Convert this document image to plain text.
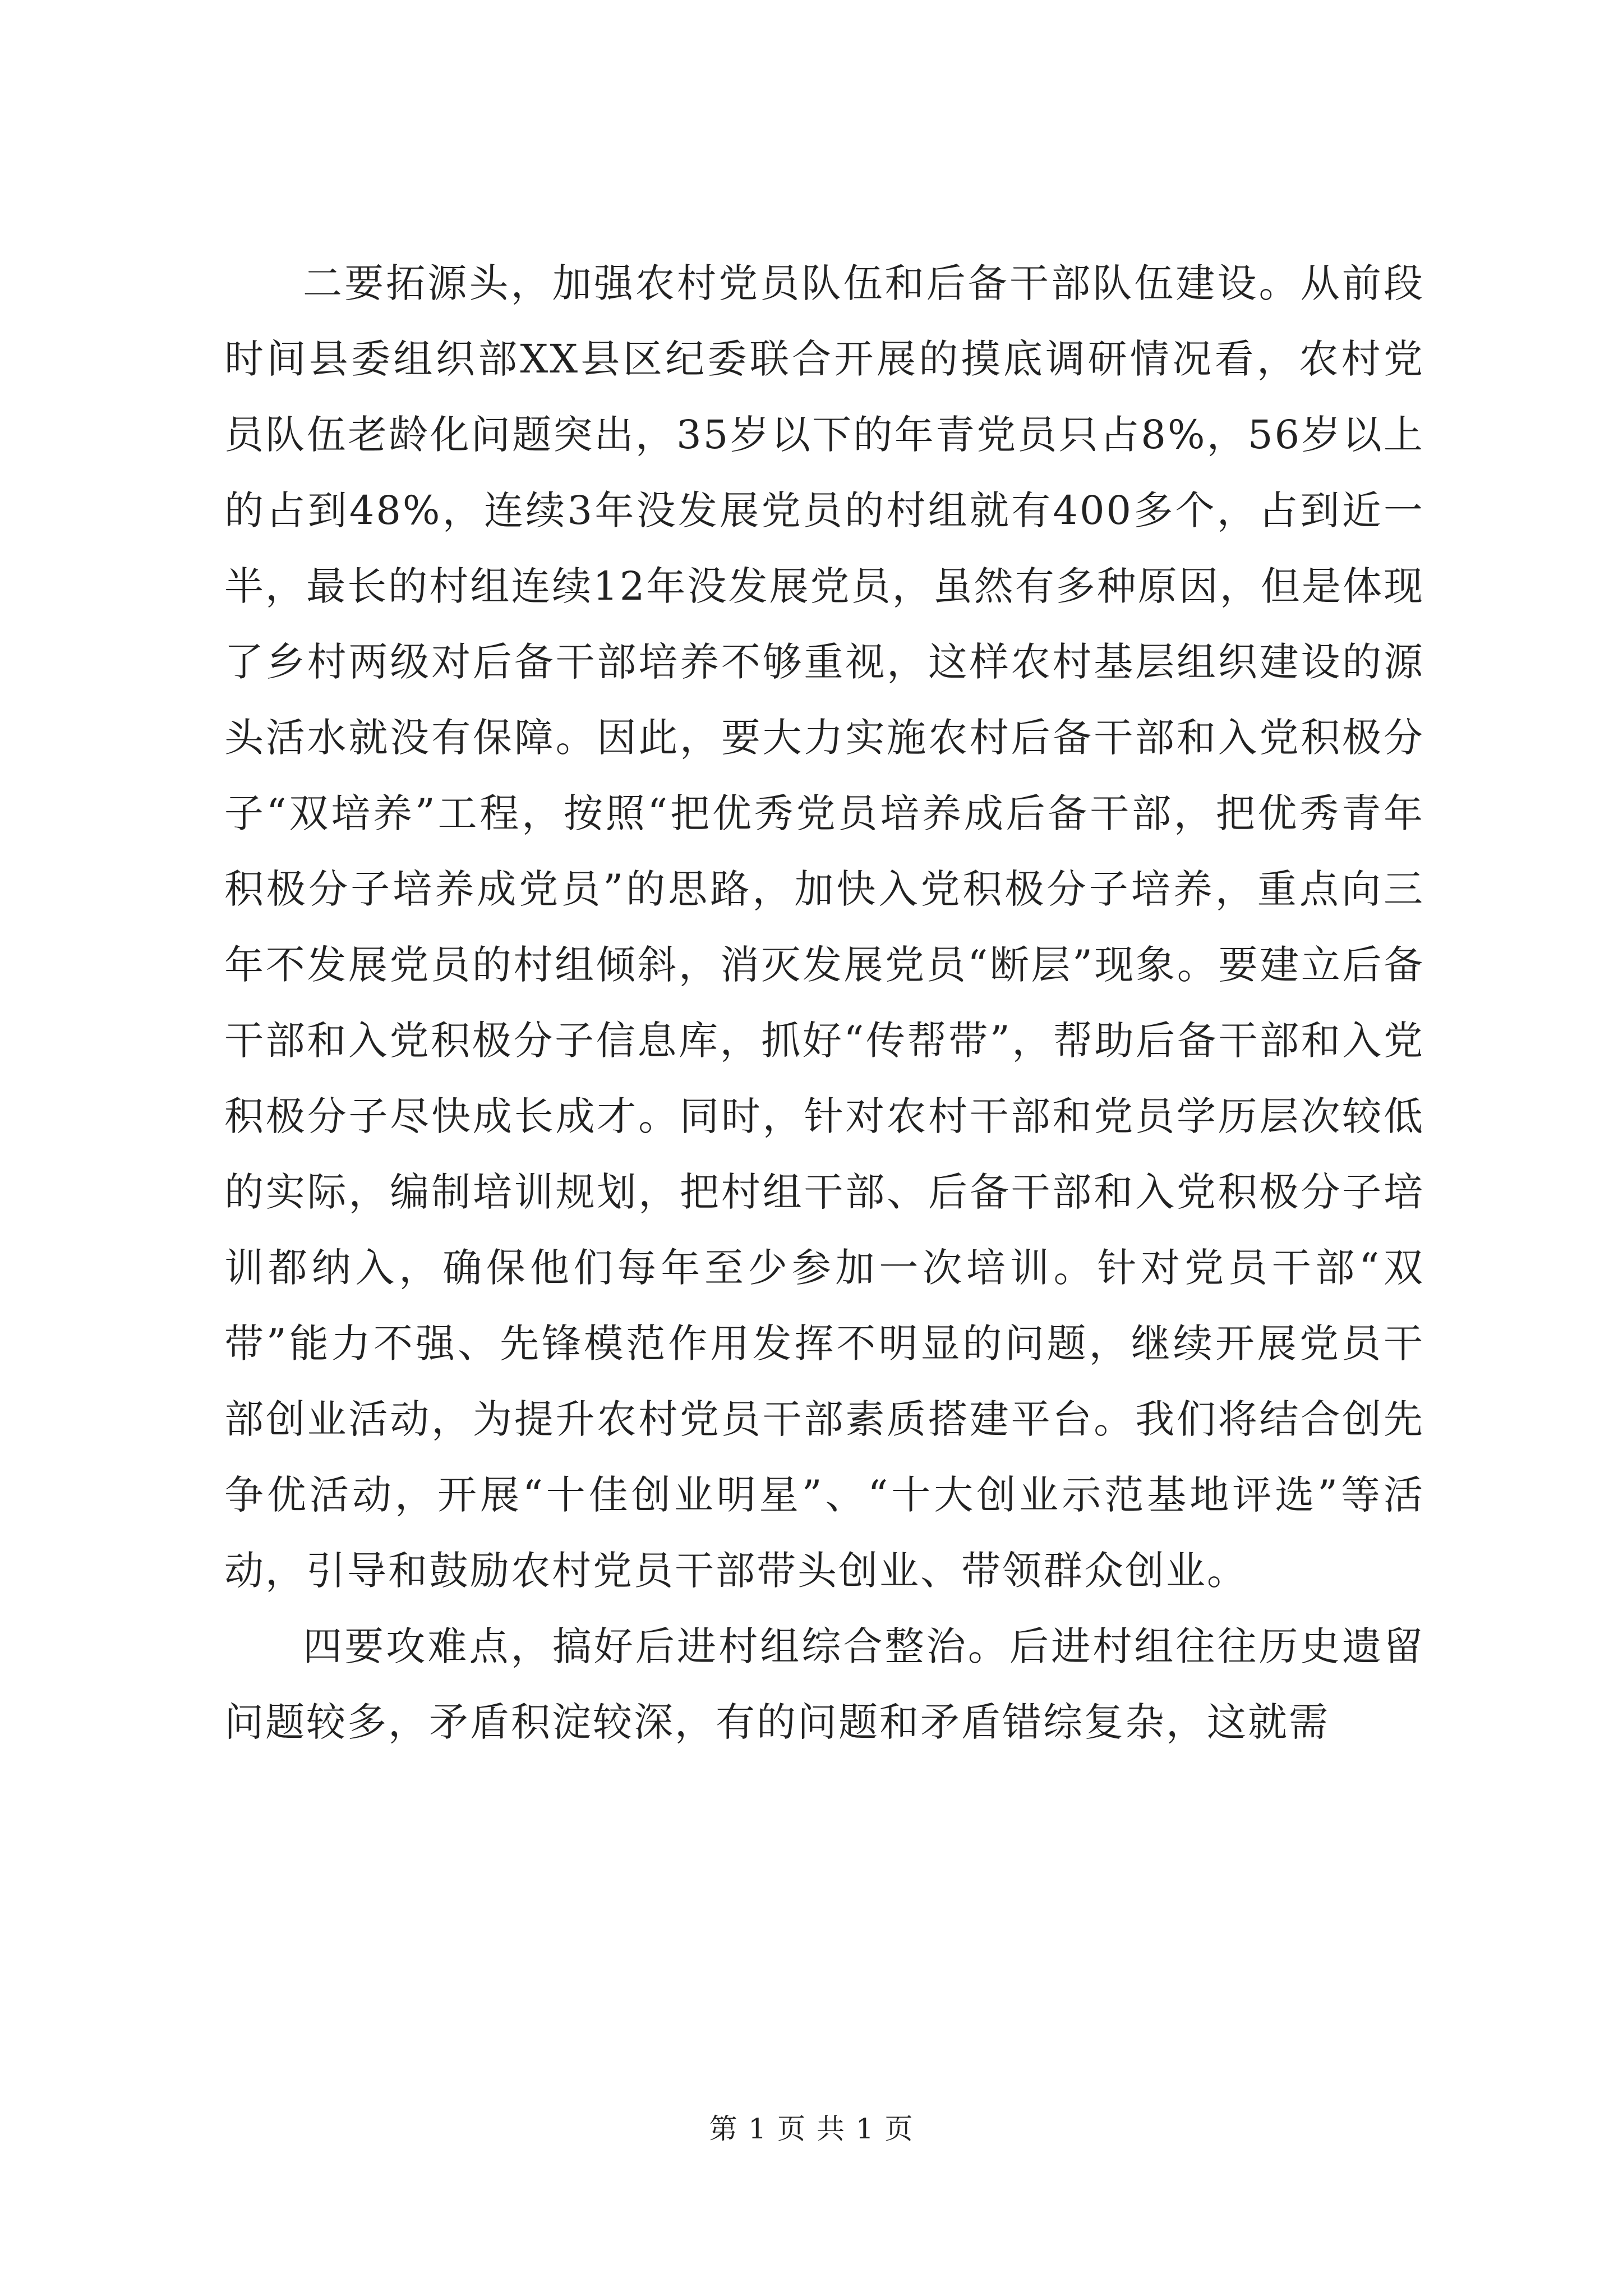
二要拓源头，加强农村党员队伍和后备干部队伍建设。从前段时间县委组织部XX县区纪委联合开展的摸底调研情况看，农村党员队伍老龄化问题突出，35岁以下的年青党员只占8%，56岁以上的占到48%，连续3年没发展党员的村组就有400多个，占到近一半，最长的村组连续12年没发展党员，虽然有多种原因，但是体现了乡村两级对后备干部培养不够重视，这样农村基层组织建设的源头活水就没有保障。因此，要大力实施农村后备干部和入党积极分子“双培养”工程，按照“把优秀党员培养成后备干部，把优秀青年积极分子培养成党员”的思路，加快入党积极分子培养，重点向三年不发展党员的村组倾斜，消灭发展党员“断层”现象。要建立后备干部和入党积极分子信息库，抓好“传帮带”，帮助后备干部和入党积极分子尽快成长成才。同时，针对农村干部和党员学历层次较低的实际，编制培训规划，把村组干部、后备干部和入党积极分子培训都纳入，确保他们每年至少参加一次培训。针对党员干部“双带”能力不强、先锋模范作用发挥不明显的问题，继续开展党员干部创业活动，为提升农村党员干部素质搭建平台。我们将结合创先争优活动，开展“十佳创业明星”、“十大创业示范基地评选”等活动，引导和鼓励农村党员干部带头创业、带领群众创业。

四要攻难点，搞好后进村组综合整治。后进村组往往历史遗留问题较多，矛盾积淀较深，有的问题和矛盾错综复杂，这就需

第 1 页 共 1 页
